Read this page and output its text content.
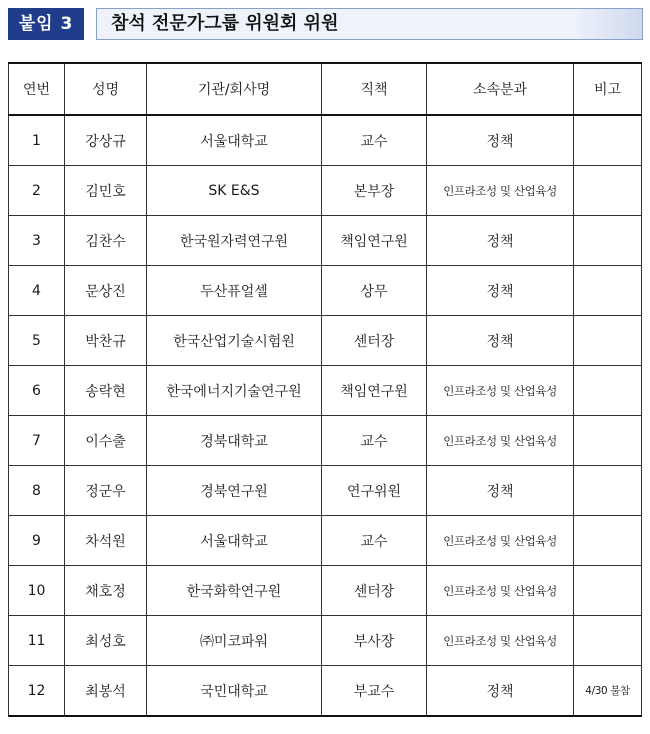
붙임 3	참석 전문가그룹 위원회 위원
연번	성명	기관/회사명	직책	소속분과	비고
1	강상규	서울대학교	교수	정책	
2	김민호	SK E&S	본부장	인프라조성 및 산업육성	
3	김찬수	한국원자력연구원	책임연구원	정책	
4	문상진	두산퓨얼셀	상무	정책	
5	박찬규	한국산업기술시험원	센터장	정책	
6	송락현	한국에너지기술연구원	책임연구원	인프라조성 및 산업육성	
7	이수출	경북대학교	교수	인프라조성 및 산업육성	
8	정군우	경북연구원	연구위원	정책	
9	차석원	서울대학교	교수	인프라조성 및 산업육성	
10	채호정	한국화학연구원	센터장	인프라조성 및 산업육성	
11	최성호	㈜미코파워	부사장	인프라조성 및 산업육성	
12	최봉석	국민대학교	부교수	정책	4/30 불참
